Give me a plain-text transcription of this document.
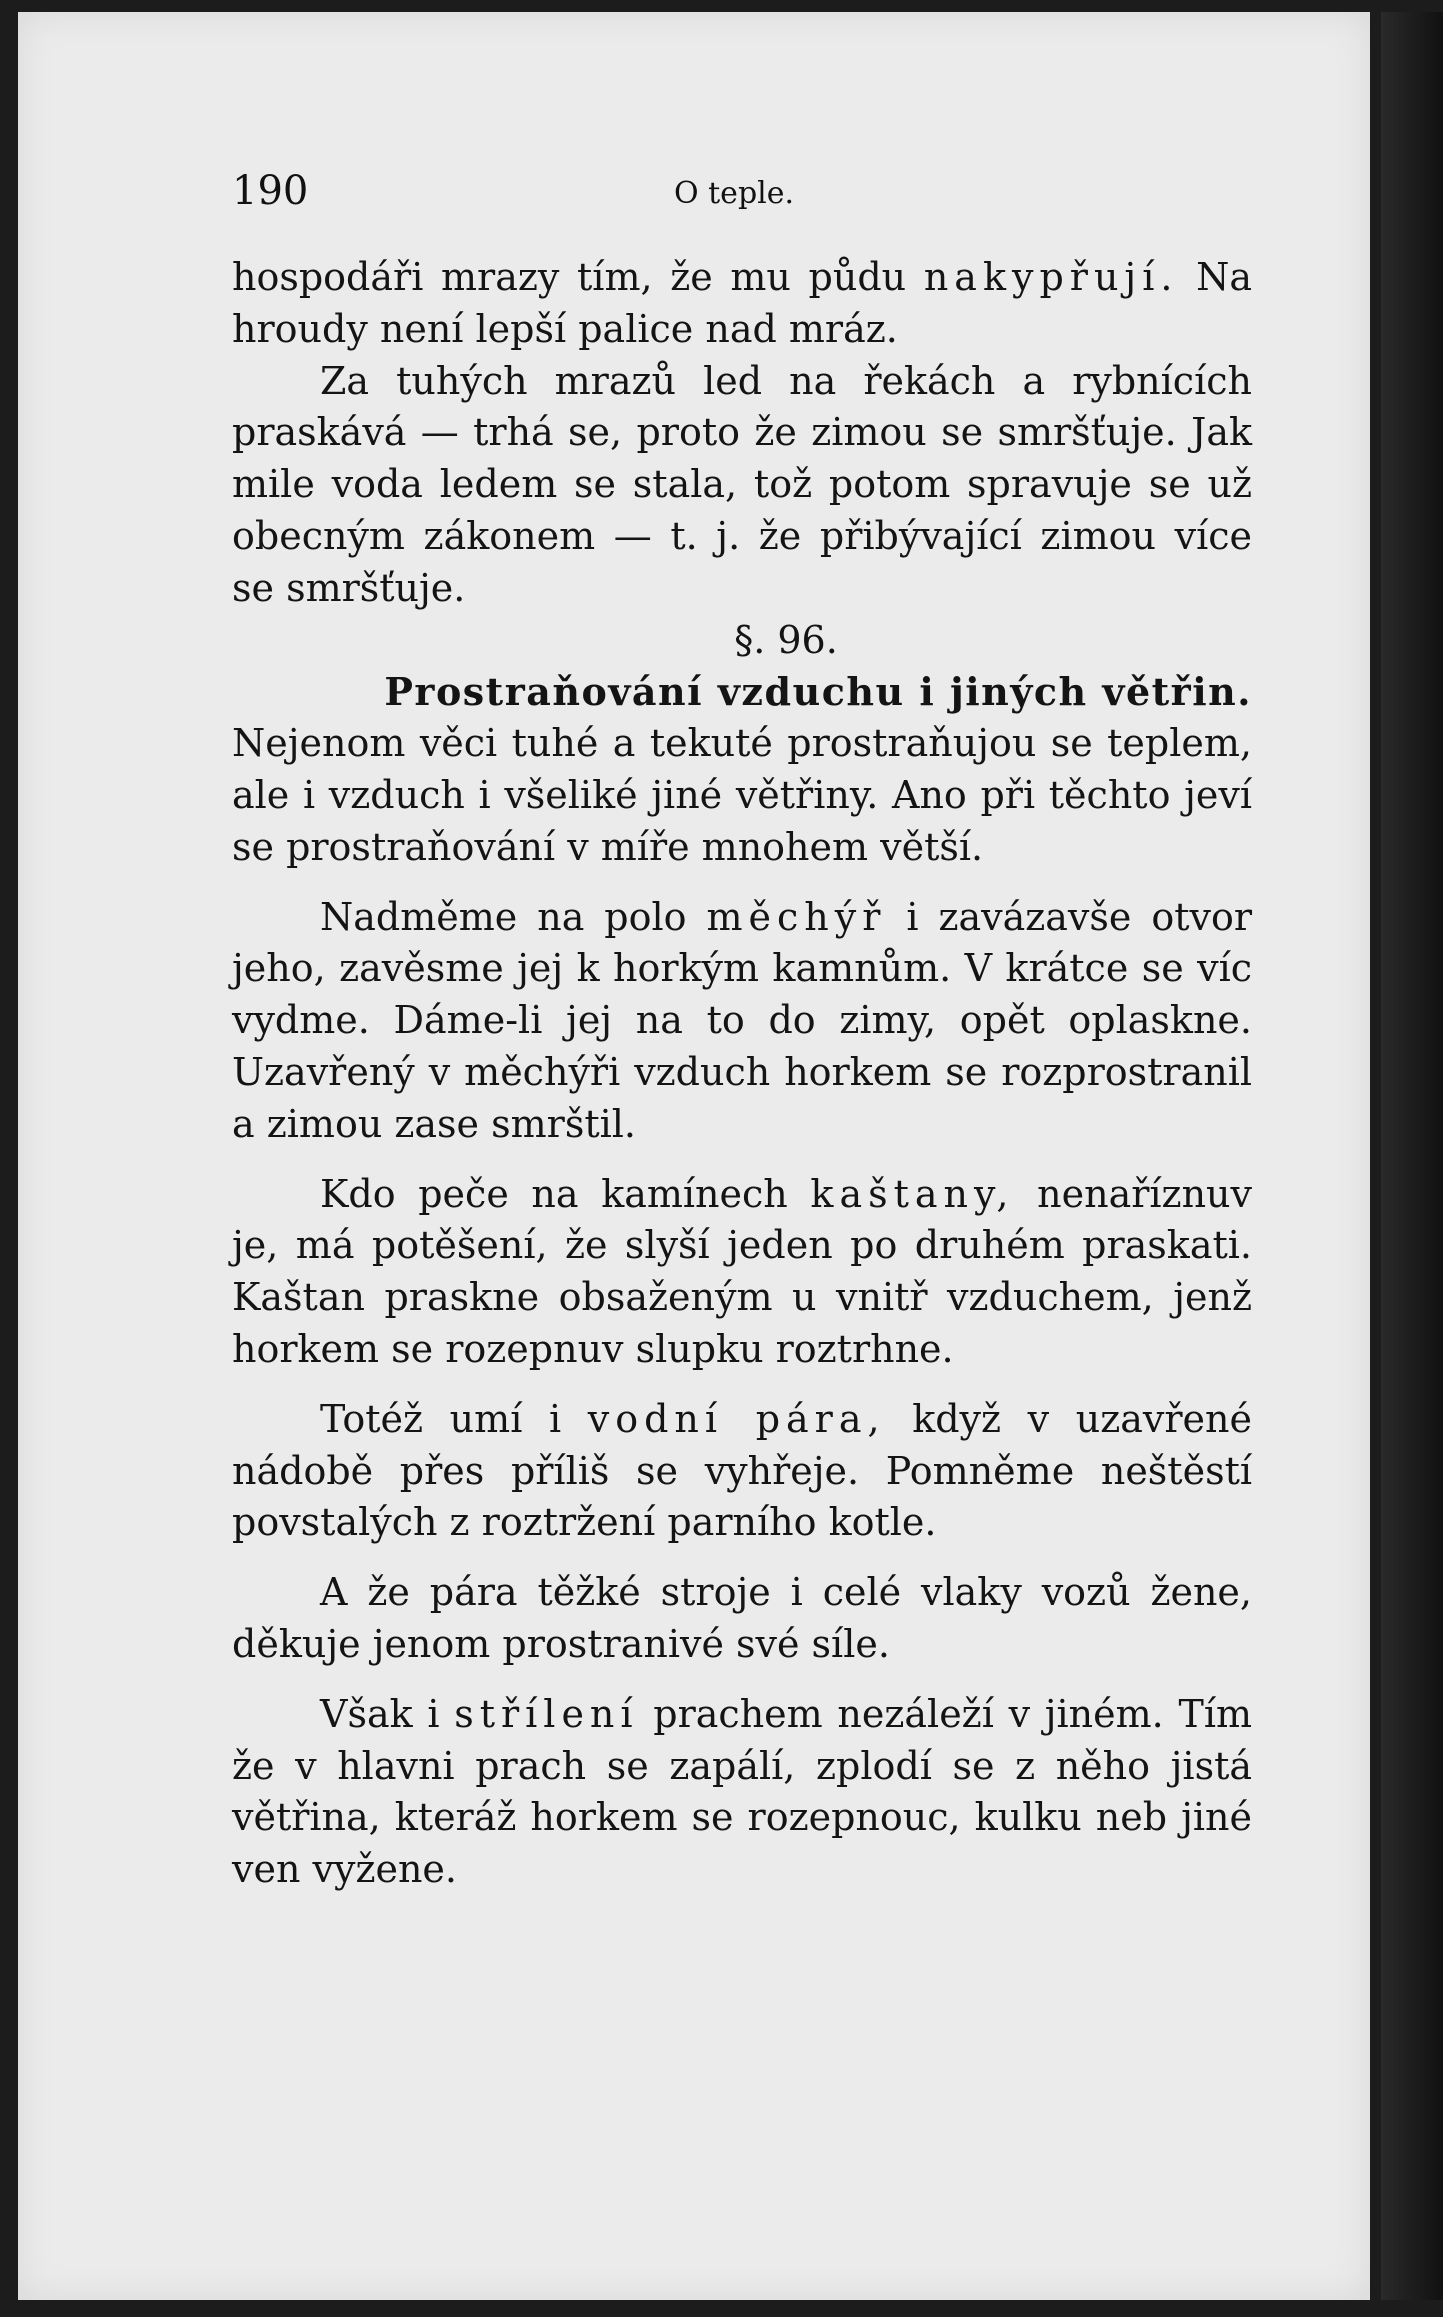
190	O teple.

hospodáři mrazy tím, že mu půdu nakypřují. Na hroudy není lepší palice nad mráz.

Za tuhých mrazů led na řekách a rybnících praskává — trhá se, proto že zimou se smršťuje. Jak mile voda ledem se stala, tož potom spravuje se už obecným zákonem — t. j. že přibývající zimou více se smršťuje.

§. 96.

Prostraňování vzduchu i jiných větřin.

Nejenom věci tuhé a tekuté prostraňujou se teplem, ale i vzduch i všeliké jiné větřiny. Ano při těchto jeví se prostraňování v míře mnohem větší.

Nadměme na polo měchýř i zavázavše otvor jeho, zavěsme jej k horkým kamnům. V krátce se víc vydme. Dáme-li jej na to do zimy, opět oplaskne. Uzavřený v měchýři vzduch horkem se rozprostranil a zimou zase smrštil.

Kdo peče na kamínech kaštany, nenaříznuv je, má potěšení, že slyší jeden po druhém praskati. Kaštan praskne obsaženým u vnitř vzduchem, jenž horkem se rozepnuv slupku roztrhne.

Totéž umí i vodní pára, když v uzavřené nádobě přes příliš se vyhřeje. Pomněme neštěstí povstalých z roztržení parního kotle.

A že pára těžké stroje i celé vlaky vozů žene, děkuje jenom prostranivé své síle.

Však i střílení prachem nezáleží v jiném. Tím že v hlavni prach se zapálí, zplodí se z něho jistá větřina, kteráž horkem se rozepnouc, kulku neb jiné ven vyžene.
